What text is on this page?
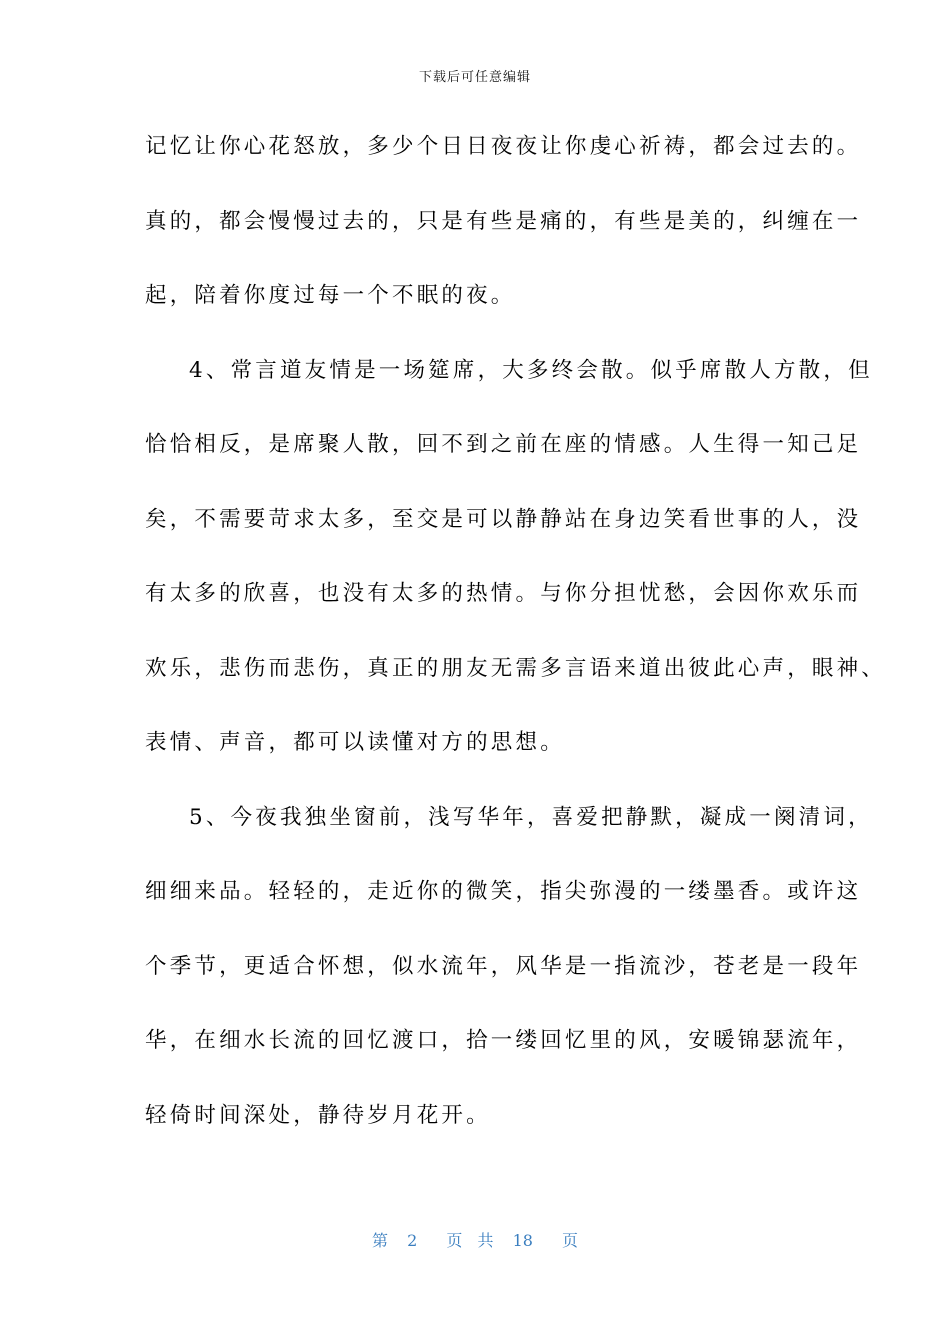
下载后可任意编辑
记忆让你心花怒放，多少个日日夜夜让你虔心祈祷，都会过去的。
真的，都会慢慢过去的，只是有些是痛的，有些是美的，纠缠在一
起，陪着你度过每一个不眠的夜。
4、常言道友情是一场筵席，大多终会散。似乎席散人方散，但
恰恰相反，是席聚人散，回不到之前在座的情感。人生得一知己足
矣，不需要苛求太多，至交是可以静静站在身边笑看世事的人，没
有太多的欣喜，也没有太多的热情。与你分担忧愁，会因你欢乐而
欢乐，悲伤而悲伤，真正的朋友无需多言语来道出彼此心声，眼神、
表情、声音，都可以读懂对方的思想。
5、今夜我独坐窗前，浅写华年，喜爱把静默，凝成一阕清词，
细细来品。轻轻的，走近你的微笑，指尖弥漫的一缕墨香。或许这
个季节，更适合怀想，似水流年，风华是一指流沙，苍老是一段年
华，在细水长流的回忆渡口，拾一缕回忆里的风，安暖锦瑟流年，
轻倚时间深处，静待岁月花开。
第 2 页 共 18 页
